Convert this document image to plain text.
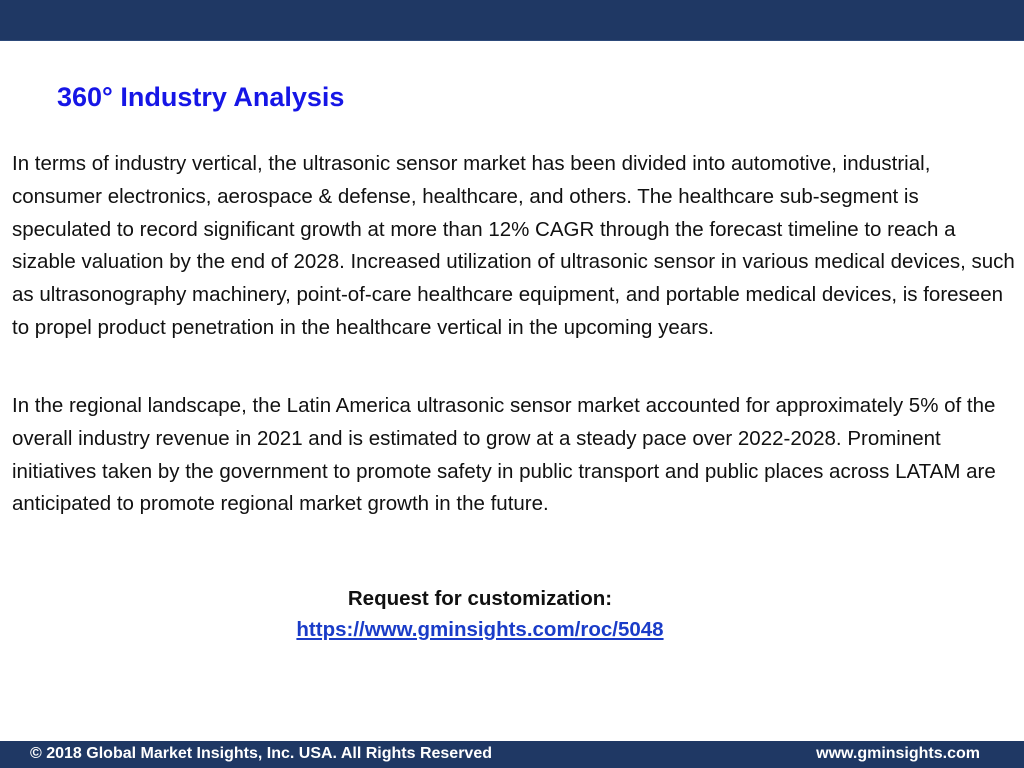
360° Industry Analysis

In terms of industry vertical, the ultrasonic sensor market has been divided into automotive, industrial, consumer electronics, aerospace & defense, healthcare, and others. The healthcare sub-segment is speculated to record significant growth at more than 12% CAGR through the forecast timeline to reach a sizable valuation by the end of 2028. Increased utilization of ultrasonic sensor in various medical devices, such as ultrasonography machinery, point-of-care healthcare equipment, and portable medical devices, is foreseen to propel product penetration in the healthcare vertical in the upcoming years.

In the regional landscape, the Latin America ultrasonic sensor market accounted for approximately 5% of the overall industry revenue in 2021 and is estimated to grow at a steady pace over 2022-2028. Prominent initiatives taken by the government to promote safety in public transport and public places across LATAM are anticipated to promote regional market growth in the future.

Request for customization:
https://www.gminsights.com/roc/5048
© 2018 Global Market Insights, Inc. USA. All Rights Reserved	www.gminsights.com
